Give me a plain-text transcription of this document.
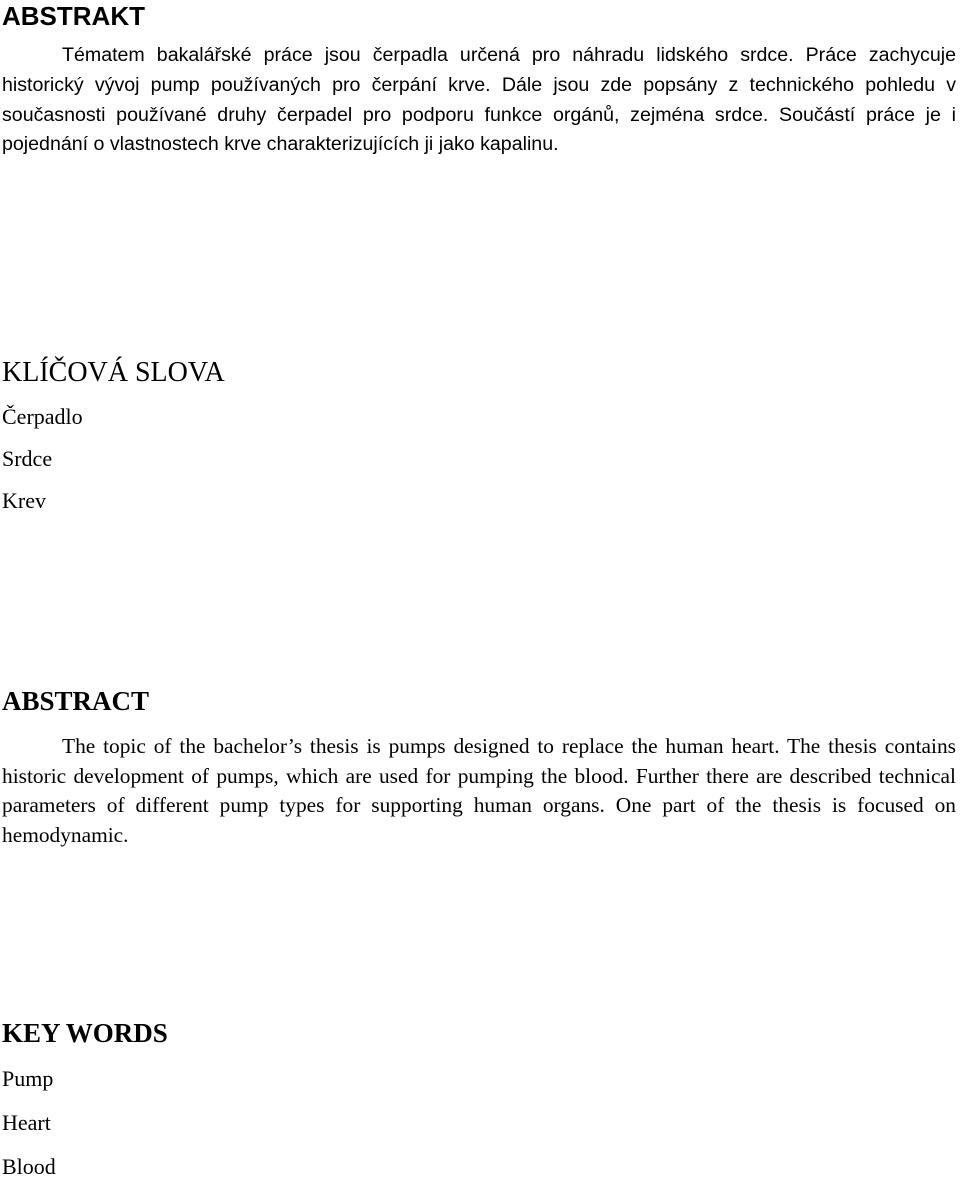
ABSTRAKT

Tématem bakalářské práce jsou čerpadla určená pro náhradu lidského srdce. Práce zachycuje historický vývoj pump používaných pro čerpání krve. Dále jsou zde popsány z technického pohledu v současnosti používané druhy čerpadel pro podporu funkce orgánů, zejména srdce. Součástí práce je i pojednání o vlastnostech krve charakterizujících ji jako kapalinu.

KLÍČOVÁ SLOVA
Čerpadlo
Srdce
Krev
ABSTRACT

The topic of the bachelor’s thesis is pumps designed to replace the human heart. The thesis contains historic development of pumps, which are used for pumping the blood. Further there are described technical parameters of different pump types for supporting human organs. One part of the thesis is focused on hemodynamic.

KEY WORDS
Pump
Heart
Blood
